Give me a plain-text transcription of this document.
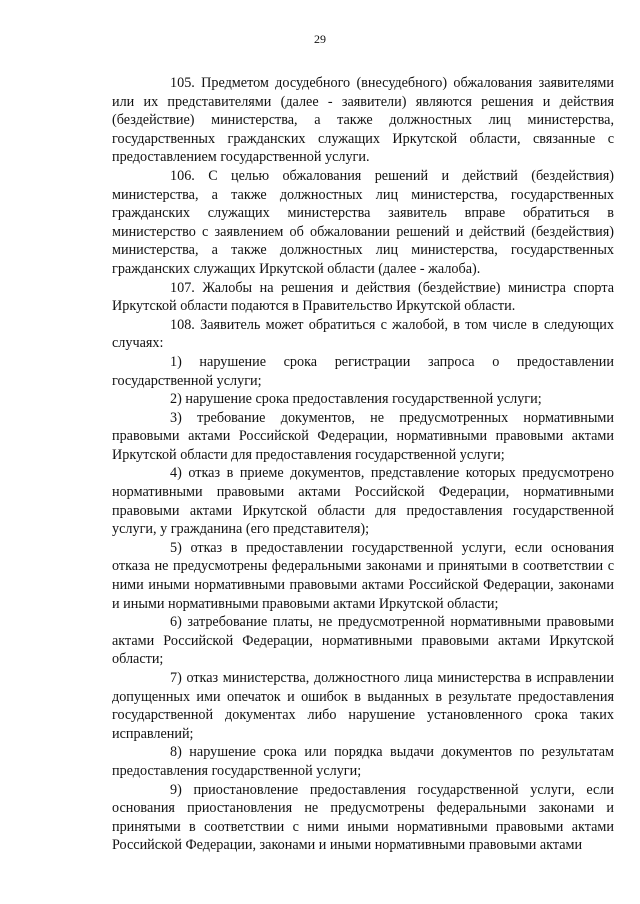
29

105. Предметом досудебного (внесудебного) обжалования заявителями или их представителями (далее - заявители) являются решения и действия (бездействие) министерства, а также должностных лиц министерства, государственных гражданских служащих Иркутской области, связанные с предоставлением государственной услуги.

106. С целью обжалования решений и действий (бездействия) министерства, а также должностных лиц министерства, государственных гражданских служащих министерства заявитель вправе обратиться в министерство с заявлением об обжаловании решений и действий (бездействия) министерства, а также должностных лиц министерства, государственных гражданских служащих Иркутской области (далее - жалоба).

107. Жалобы на решения и действия (бездействие) министра спорта Иркутской области подаются в Правительство Иркутской области.

108. Заявитель может обратиться с жалобой, в том числе в следующих случаях:

1) нарушение срока регистрации запроса о предоставлении государственной услуги;

2) нарушение срока предоставления государственной услуги;

3) требование документов, не предусмотренных нормативными правовыми актами Российской Федерации, нормативными правовыми актами Иркутской области для предоставления государственной услуги;

4) отказ в приеме документов, представление которых предусмотрено нормативными правовыми актами Российской Федерации, нормативными правовыми актами Иркутской области для предоставления государственной услуги, у гражданина (его представителя);

5) отказ в предоставлении государственной услуги, если основания отказа не предусмотрены федеральными законами и принятыми в соответствии с ними иными нормативными правовыми актами Российской Федерации, законами и иными нормативными правовыми актами Иркутской области;

6) затребование платы, не предусмотренной нормативными правовыми актами Российской Федерации, нормативными правовыми актами Иркутской области;

7) отказ министерства, должностного лица министерства в исправлении допущенных ими опечаток и ошибок в выданных в результате предоставления государственной документах либо нарушение установленного срока таких исправлений;

8) нарушение срока или порядка выдачи документов по результатам предоставления государственной услуги;

9) приостановление предоставления государственной услуги, если основания приостановления не предусмотрены федеральными законами и принятыми в соответствии с ними иными нормативными правовыми актами Российской Федерации, законами и иными нормативными правовыми актами
